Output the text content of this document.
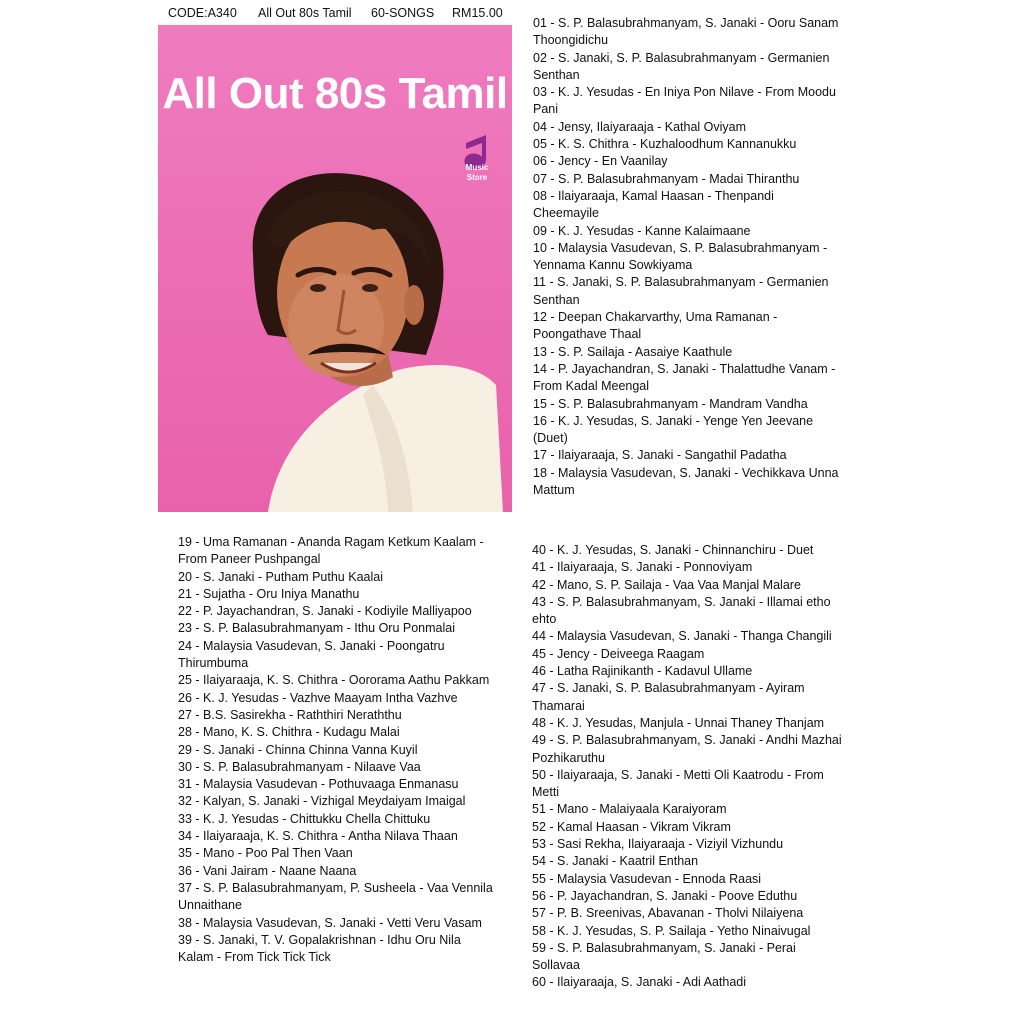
CODE:A340 All Out 80s Tamil 60-SONGS RM15.00
All Out 80s Tamil
Music
Store
01 - S. P. Balasubrahmanyam, S. Janaki - Ooru Sanam Thoongidichu
02 - S. Janaki, S. P. Balasubrahmanyam - Germanien Senthan
03 - K. J. Yesudas - En Iniya Pon Nilave - From Moodu Pani
04 - Jensy, Ilaiyaraaja - Kathal Oviyam
05 - K. S. Chithra - Kuzhaloodhum Kannanukku
06 - Jency - En Vaanilay
07 - S. P. Balasubrahmanyam - Madai Thiranthu
08 - Ilaiyaraaja, Kamal Haasan - Thenpandi Cheemayile
09 - K. J. Yesudas - Kanne Kalaimaane
10 - Malaysia Vasudevan, S. P. Balasubrahmanyam - Yennama Kannu Sowkiyama
11 - S. Janaki, S. P. Balasubrahmanyam - Germanien Senthan
12 - Deepan Chakarvarthy, Uma Ramanan - Poongathave Thaal
13 - S. P. Sailaja - Aasaiye Kaathule
14 - P. Jayachandran, S. Janaki - Thalattudhe Vanam - From Kadal Meengal
15 - S. P. Balasubrahmanyam - Mandram Vandha
16 - K. J. Yesudas, S. Janaki - Yenge Yen Jeevane (Duet)
17 - Ilaiyaraaja, S. Janaki - Sangathil Padatha
18 - Malaysia Vasudevan, S. Janaki - Vechikkava Unna Mattum
19 - Uma Ramanan - Ananda Ragam Ketkum Kaalam - From Paneer Pushpangal
20 - S. Janaki - Putham Puthu Kaalai
21 - Sujatha - Oru Iniya Manathu
22 - P. Jayachandran, S. Janaki - Kodiyile Malliyapoo
23 - S. P. Balasubrahmanyam - Ithu Oru Ponmalai
24 - Malaysia Vasudevan, S. Janaki - Poongatru Thirumbuma
25 - Ilaiyaraaja, K. S. Chithra - Oororama Aathu Pakkam
26 - K. J. Yesudas - Vazhve Maayam Intha Vazhve
27 - B.S. Sasirekha - Raththiri Neraththu
28 - Mano, K. S. Chithra - Kudagu Malai
29 - S. Janaki - Chinna Chinna Vanna Kuyil
30 - S. P. Balasubrahmanyam - Nilaave Vaa
31 - Malaysia Vasudevan - Pothuvaaga Enmanasu
32 - Kalyan, S. Janaki - Vizhigal Meydaiyam Imaigal
33 - K. J. Yesudas - Chittukku Chella Chittuku
34 - Ilaiyaraaja, K. S. Chithra - Antha Nilava Thaan
35 - Mano - Poo Pal Then Vaan
36 - Vani Jairam - Naane Naana
37 - S. P. Balasubrahmanyam, P. Susheela - Vaa Vennila Unnaithane
38 - Malaysia Vasudevan, S. Janaki - Vetti Veru Vasam
39 - S. Janaki, T. V. Gopalakrishnan - Idhu Oru Nila Kalam - From Tick Tick Tick
40 - K. J. Yesudas, S. Janaki - Chinnanchiru - Duet
41 - Ilaiyaraaja, S. Janaki - Ponnoviyam
42 - Mano, S. P. Sailaja - Vaa Vaa Manjal Malare
43 - S. P. Balasubrahmanyam, S. Janaki - Illamai etho ehto
44 - Malaysia Vasudevan, S. Janaki - Thanga Changili
45 - Jency - Deiveega Raagam
46 - Latha Rajinikanth - Kadavul Ullame
47 - S. Janaki, S. P. Balasubrahmanyam - Ayiram Thamarai
48 - K. J. Yesudas, Manjula - Unnai Thaney Thanjam
49 - S. P. Balasubrahmanyam, S. Janaki - Andhi Mazhai Pozhikaruthu
50 - Ilaiyaraaja, S. Janaki - Metti Oli Kaatrodu - From Metti
51 - Mano - Malaiyaala Karaiyoram
52 - Kamal Haasan - Vikram Vikram
53 - Sasi Rekha, Ilaiyaraaja - Viziyil Vizhundu
54 - S. Janaki - Kaatril Enthan
55 - Malaysia Vasudevan - Ennoda Raasi
56 - P. Jayachandran, S. Janaki - Poove Eduthu
57 - P. B. Sreenivas, Abavanan - Tholvi Nilaiyena
58 - K. J. Yesudas, S. P. Sailaja - Yetho Ninaivugal
59 - S. P. Balasubrahmanyam, S. Janaki - Perai Sollavaa
60 - Ilaiyaraaja, S. Janaki - Adi Aathadi
